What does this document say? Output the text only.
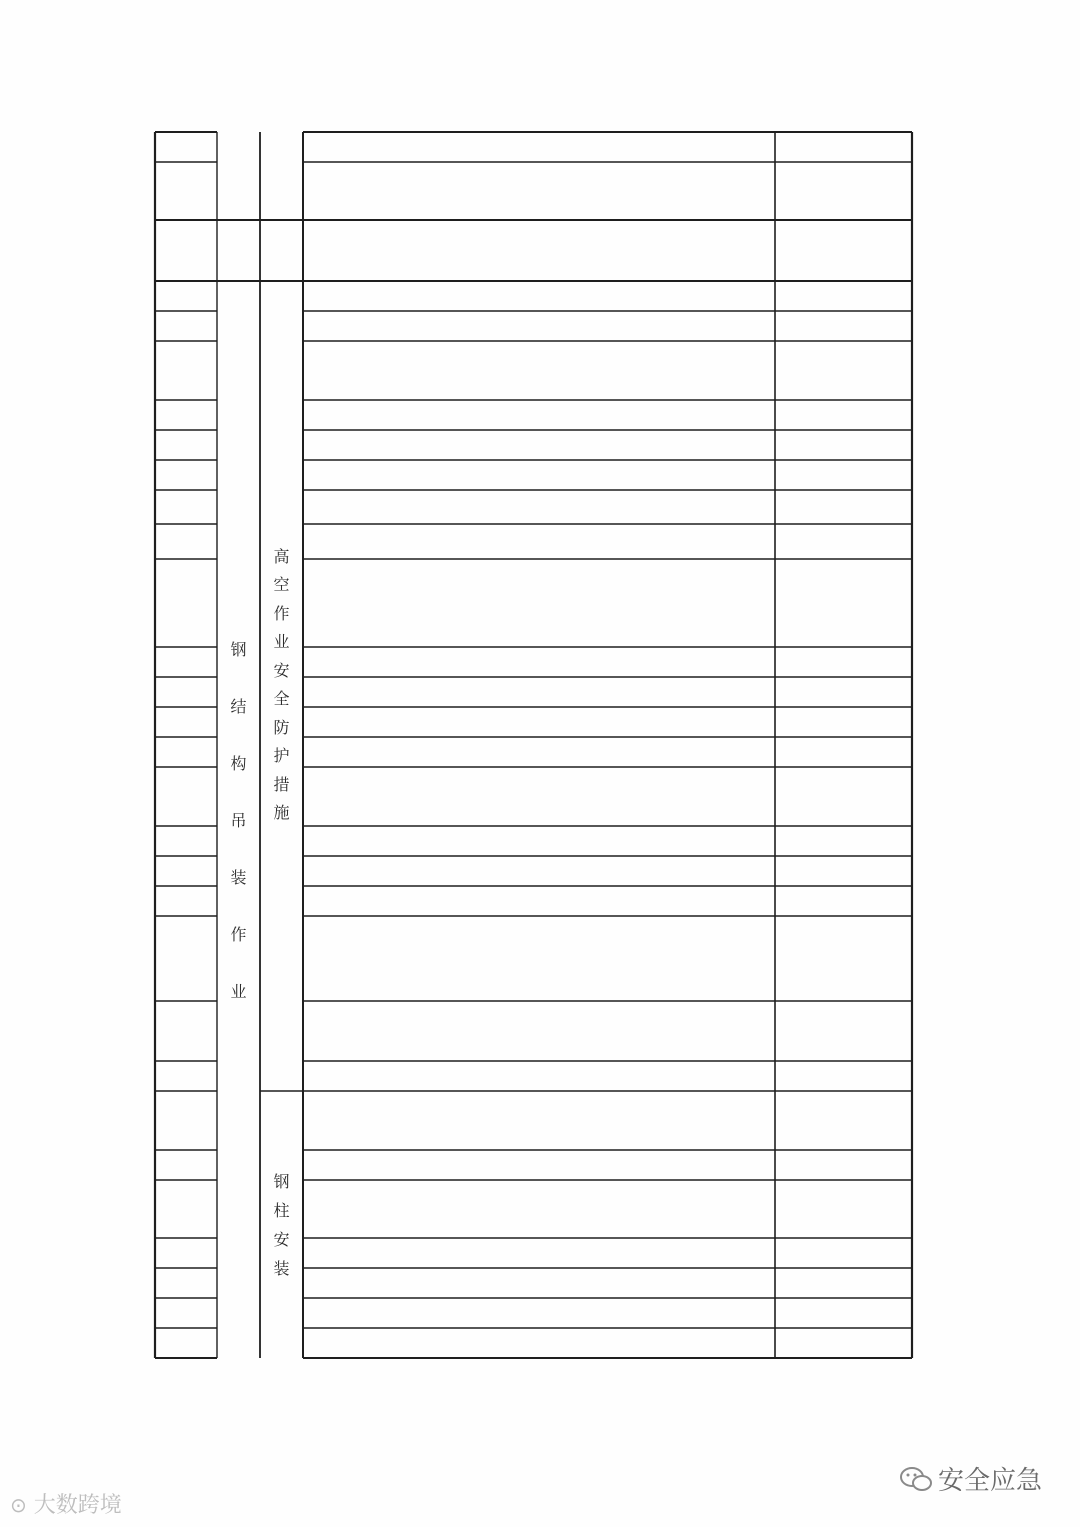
钢
结
构
吊
装
作
业
高
空
作
业
安
全
防
护
措
施
钢
柱
安
装
⊙ 大数跨境
安全应急
